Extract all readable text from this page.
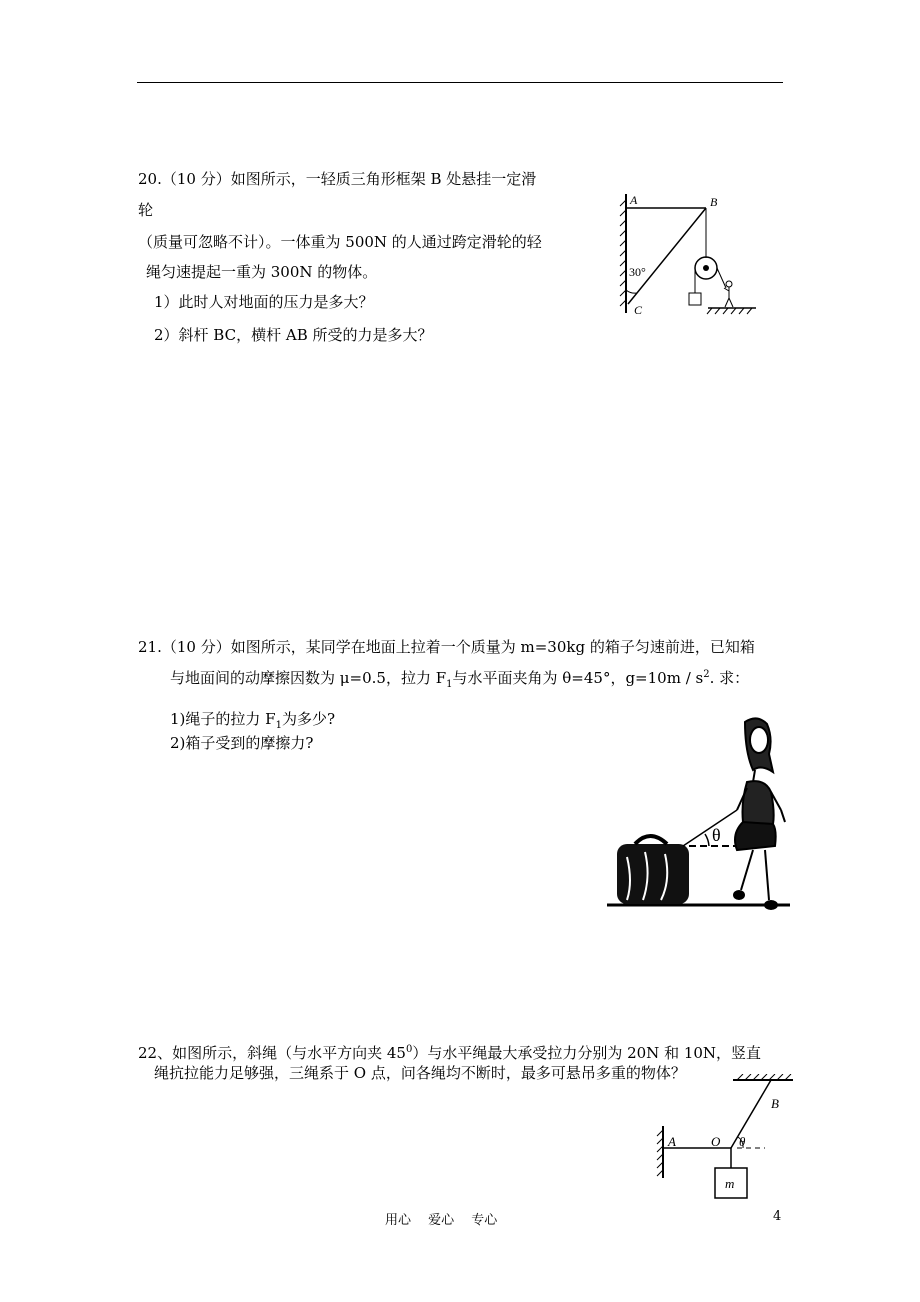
20.（10 分）如图所示，一轻质三角形框架 B 处悬挂一定滑
轮
（质量可忽略不计）。一体重为 500N 的人通过跨定滑轮的轻
绳匀速提起一重为 300N 的物体。
1）此时人对地面的压力是多大？
2）斜杆 BC，横杆 AB 所受的力是多大？
A	B
C
30°
21.（10 分）如图所示，某同学在地面上拉着一个质量为 m=30kg 的箱子匀速前进，已知箱
与地面间的动摩擦因数为 μ=0.5，拉力 $F_1$与水平面夹角为 θ=45°，$g=10m / s^2$. 求：
1)绳子的拉力 $F_1$为多少?
2)箱子受到的摩擦力?
θ
22、如图所示，斜绳（与水平方向夹 $45^0$）与水平绳最大承受拉力分别为 20N 和 10N，竖直
绳抗拉能力足够强，三绳系于 O 点，问各绳均不断时，最多可悬吊多重的物体？
A	O
B
θ
m
用心　 爱心　 专心	4
